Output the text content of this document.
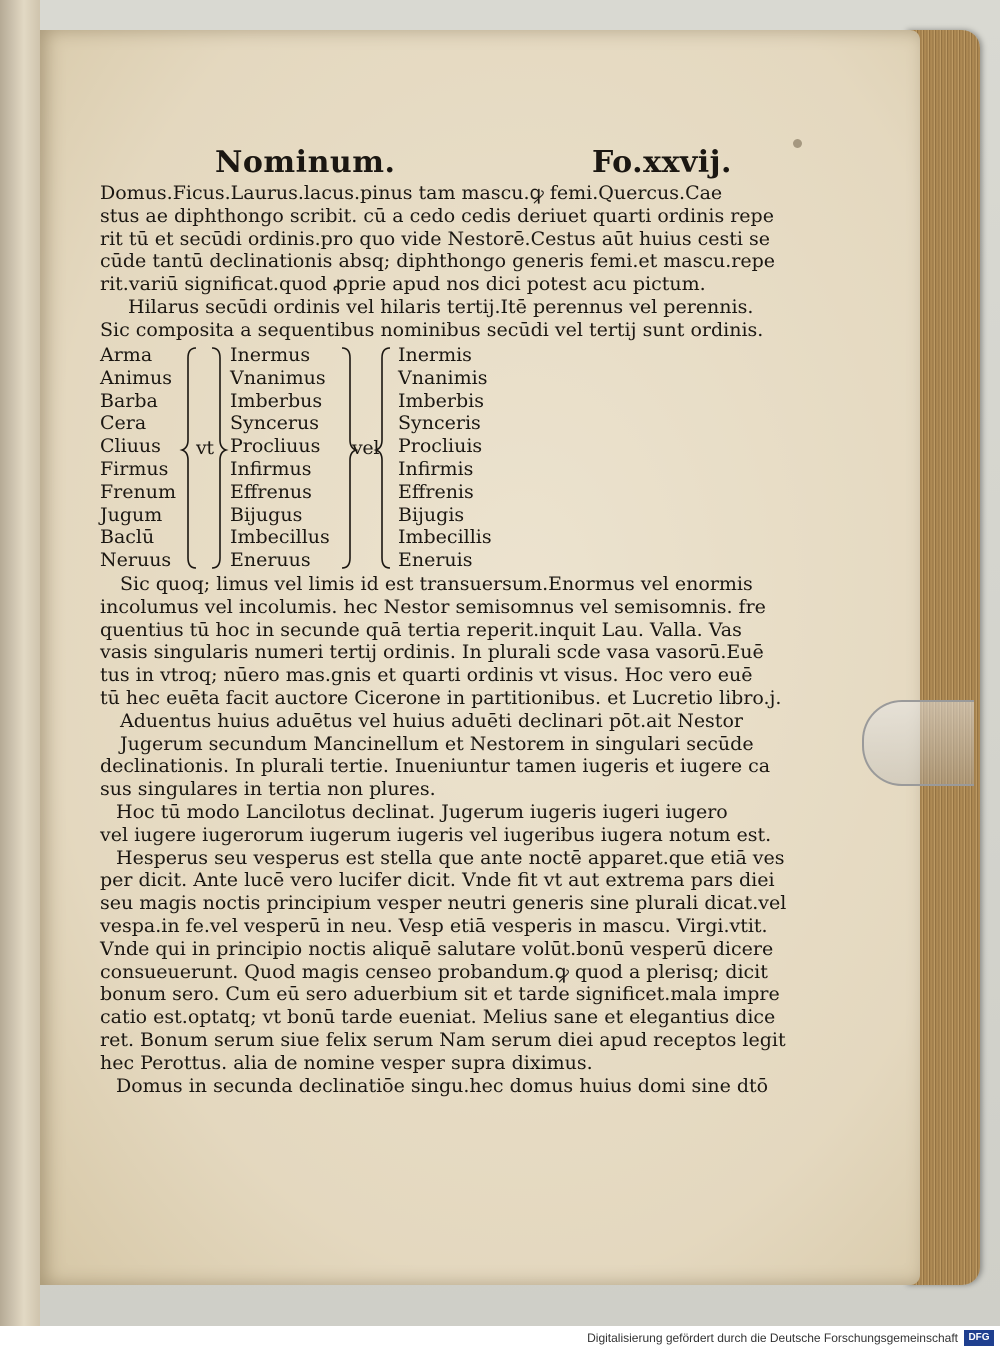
Nominum.	Fo.xxvij.
Domus.Ficus.Laurus.lacus.pinus tam mascu.ꝙ femi.Quercus.Cae
stus ae diphthongo scribit. cū a cedo cedis deriuet quarti ordinis repe
rit tū et secūdi ordinis.pro quo vide Nestorē.Cestus aūt huius cesti se
cūde tantū declinationis absq; diphthongo generis femi.et mascu.repe
rit.variū significat.quod ꝓprie apud nos dici potest acu pictum.
Hilarus secūdi ordinis vel hilaris tertij.Itē perennus vel perennis.
Sic composita a sequentibus nominibus secūdi vel tertij sunt ordinis.
Arma
Animus
Barba
Cera
Cliuus
Firmus
Frenum
Jugum
Baclū
Neruus
vt
Inermus
Vnanimus
Imberbus
Syncerus
Procliuus
Infirmus
Effrenus
Bijugus
Imbecillus
Eneruus
vel
Inermis
Vnanimis
Imberbis
Synceris
Procliuis
Infirmis
Effrenis
Bijugis
Imbecillis
Eneruis
Sic quoq; limus vel limis id est transuersum.Enormus vel enormis
incolumus vel incolumis. hec Nestor semisomnus vel semisomnis. fre
quentius tū hoc in secunde quā tertia reperit.inquit Lau. Valla. Vas
vasis singularis numeri tertij ordinis. In plurali scde vasa vasorū.Euē
tus in vtroq; nūero mas.gnis et quarti ordinis vt visus. Hoc vero euē
tū hec euēta facit auctore Cicerone in partitionibus. et Lucretio libro.j.
Aduentus huius aduētus vel huius aduēti declinari pōt.ait Nestor
Jugerum secundum Mancinellum et Nestorem in singulari secūde
declinationis. In plurali tertie. Inueniuntur tamen iugeris et iugere ca
sus singulares in tertia non plures.
Hoc tū modo Lancilotus declinat. Jugerum iugeris iugeri iugero
vel iugere iugerorum iugerum iugeris vel iugeribus iugera notum est.
Hesperus seu vesperus est stella que ante noctē apparet.que etiā ves
per dicit. Ante lucē vero lucifer dicit. Vnde fit vt aut extrema pars diei
seu magis noctis principium vesper neutri generis sine plurali dicat.vel
vespa.in fe.vel vesperū in neu. Vesp etiā vesperis in mascu. Virgi.vtit.
Vnde qui in principio noctis aliquē salutare volūt.bonū vesperū dicere
consueuerunt. Quod magis censeo probandum.ꝙ quod a plerisq; dicit
bonum sero. Cum eū sero aduerbium sit et tarde significet.mala impre
catio est.optatq; vt bonū tarde eueniat. Melius sane et elegantius dice
ret. Bonum serum siue felix serum Nam serum diei apud receptos legit
hec Perottus. alia de nomine vesper supra diximus.
Domus in secunda declinatiōe singu.hec domus huius domi sine dtō
Digitalisierung gefördert durch die Deutsche Forschungsgemeinschaft	DFG
